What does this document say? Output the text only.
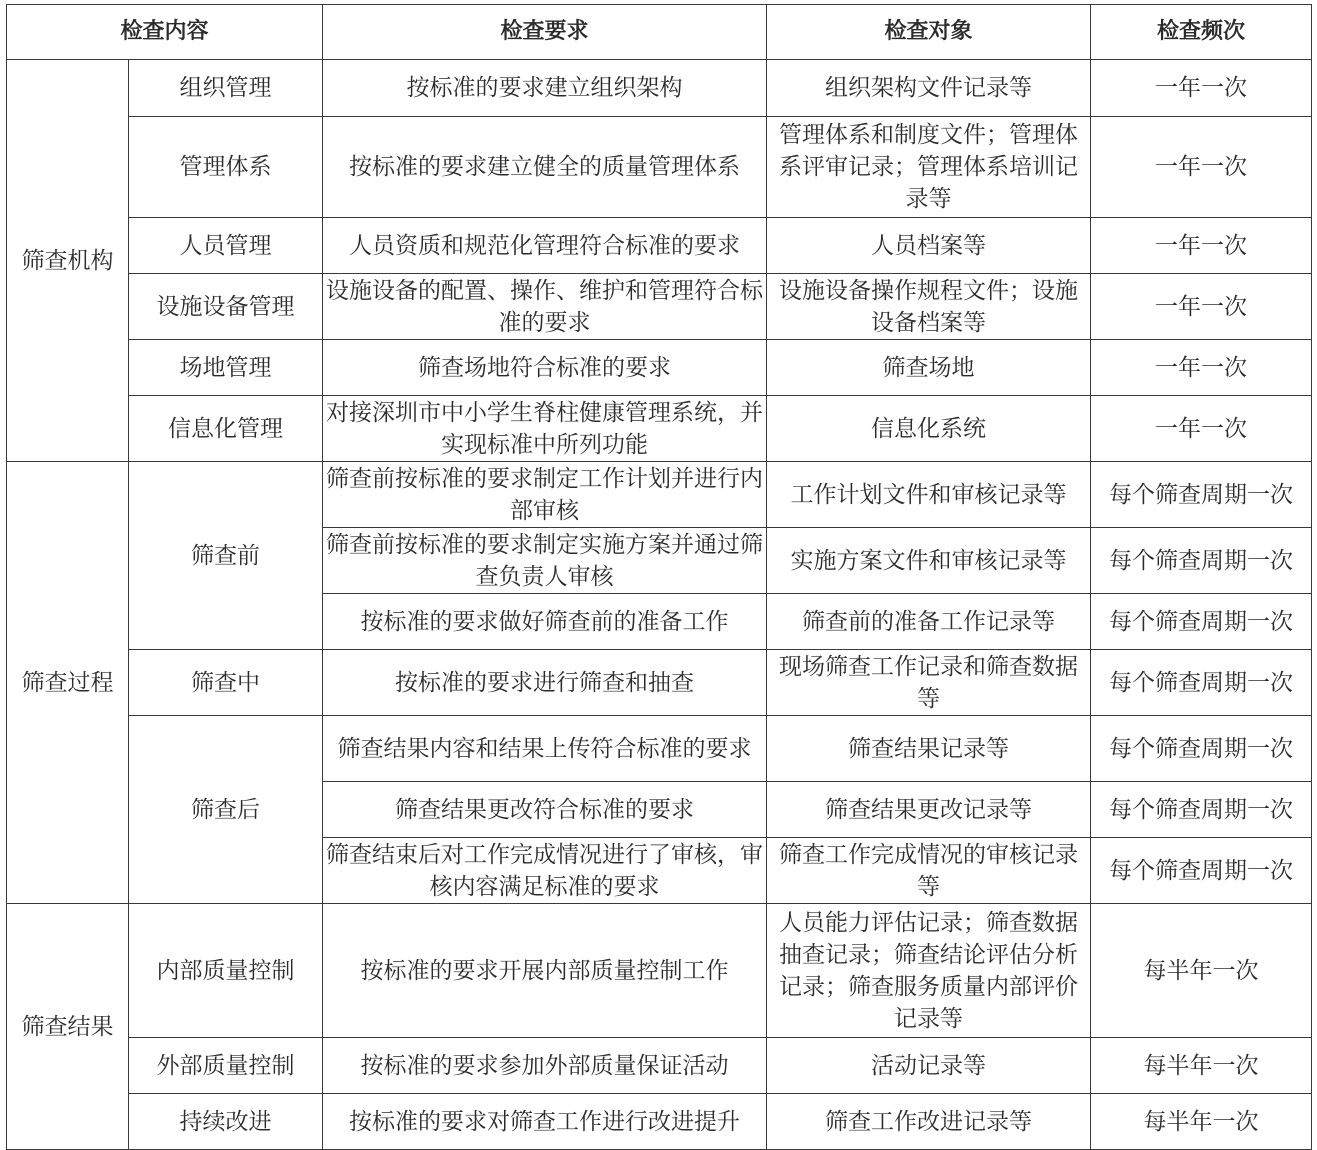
检查内容		检查要求	检查对象	检查频次
筛查机构	组织管理	按标准的要求建立组织架构	组织架构文件记录等	一年一次
	管理体系	按标准的要求建立健全的质量管理体系	管理体系和制度文件；管理体系评审记录；管理体系培训记录等	一年一次
	人员管理	人员资质和规范化管理符合标准的要求	人员档案等	一年一次
	设施设备管理	设施设备的配置、操作、维护和管理符合标准的要求	设施设备操作规程文件；设施设备档案等	一年一次
	场地管理	筛查场地符合标准的要求	筛查场地	一年一次
	信息化管理	对接深圳市中小学生脊柱健康管理系统，并实现标准中所列功能	信息化系统	一年一次
筛查过程	筛查前	筛查前按标准的要求制定工作计划并进行内部审核	工作计划文件和审核记录等	每个筛查周期一次
		筛查前按标准的要求制定实施方案并通过筛查负责人审核	实施方案文件和审核记录等	每个筛查周期一次
		按标准的要求做好筛查前的准备工作	筛查前的准备工作记录等	每个筛查周期一次
	筛查中	按标准的要求进行筛查和抽查	现场筛查工作记录和筛查数据等	每个筛查周期一次
	筛查后	筛查结果内容和结果上传符合标准的要求	筛查结果记录等	每个筛查周期一次
		筛查结果更改符合标准的要求	筛查结果更改记录等	每个筛查周期一次
		筛查结束后对工作完成情况进行了审核，审核内容满足标准的要求	筛查工作完成情况的审核记录等	每个筛查周期一次
筛查结果	内部质量控制	按标准的要求开展内部质量控制工作	人员能力评估记录；筛查数据抽查记录；筛查结论评估分析记录；筛查服务质量内部评价记录等	每半年一次
	外部质量控制	按标准的要求参加外部质量保证活动	活动记录等	每半年一次
	持续改进	按标准的要求对筛查工作进行改进提升	筛查工作改进记录等	每半年一次
